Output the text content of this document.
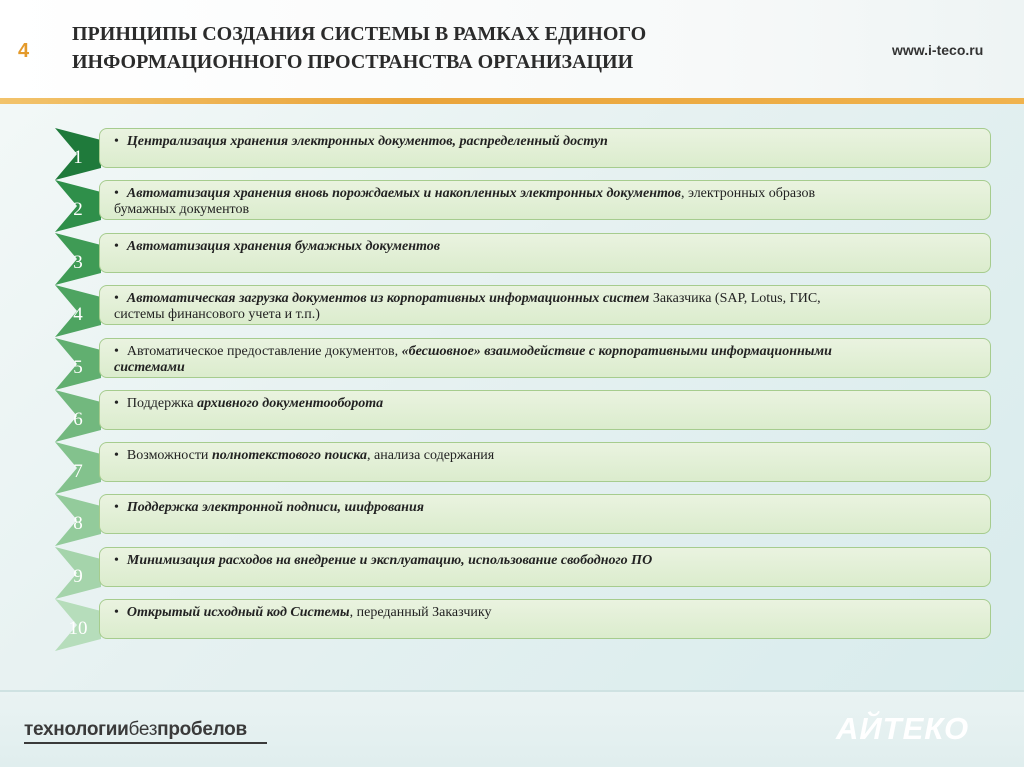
4
ПРИНЦИПЫ СОЗДАНИЯ СИСТЕМЫ В РАМКАХ ЕДИНОГО
ИНФОРМАЦИОННОГО ПРОСТРАНСТВА ОРГАНИЗАЦИИ
www.i-teco.ru
1
• Централизация хранения электронных документов, распределенный доступ
2
• Автоматизация хранения вновь порождаемых и накопленных электронных документов, электронных образов
бумажных документов
3
• Автоматизация хранения бумажных документов
4
• Автоматическая загрузка документов из корпоративных информационных систем Заказчика (SAP, Lotus, ГИС,
системы финансового учета и т.п.)
5
• Автоматическое предоставление документов, «бесшовное» взаимодействие с корпоративными информационными
системами
6
• Поддержка архивного документооборота
7
• Возможности полнотекстового поиска, анализа содержания
8
• Поддержка электронной подписи, шифрования
9
• Минимизация расходов на внедрение и эксплуатацию, использование свободного ПО
10
• Открытый исходный код Системы, переданный Заказчику
технологиибезпробелов	АЙТЕКО
